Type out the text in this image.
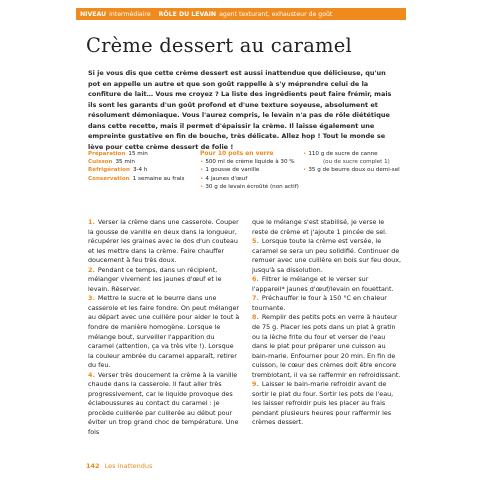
NIVEAU intermédiaire RÔLE DU LEVAIN agent texturant, exhausteur de goût
Crème dessert au caramel

Si je vous dis que cette crème dessert est aussi inattendue que délicieuse, qu'un pot en appelle un autre et que son goût rappelle à s'y méprendre celui de la confiture de lait… Vous me croyez ? La liste des ingrédients peut faire frémir, mais ils sont les garants d'un goût profond et d'une texture soyeuse, absolument et résolument démoniaque. Vous l'aurez compris, le levain n'a pas de rôle diététique dans cette recette, mais il permet d'épaissir la crème. Il laisse également une empreinte gustative en fin de bouche, très délicate. Allez hop ! Tout le monde se lève pour cette crème dessert de folie !

Préparation 15 min
Cuisson 35 min
Réfrigération 3-4 h
Conservation 1 semaine au frais
Pour 10 pots en verre
• 500 ml de crème liquide à 30 %
• 1 gousse de vanille
• 4 jaunes d'œuf
• 30 g de levain écroûté (non actif)
• 110 g de sucre de canne
(ou de sucre complet 1)
• 35 g de beurre doux ou demi-sel

1. Verser la crème dans une casserole. Couper la gousse de vanille en deux dans la longueur, récupérer les graines avec le dos d'un couteau et les mettre dans la crème. Faire chauffer doucement à feu très doux.

2. Pendant ce temps, dans un récipient, mélanger vivement les jaunes d'œuf et le levain. Réserver.

3. Mettre le sucre et le beurre dans une casserole et les faire fondre. On peut mélanger au départ avec une cuillère pour aider le tout à fondre de manière homogène. Lorsque le mélange bout, surveiller l'apparition du caramel (attention, ça va très vite !). Lorsque la couleur ambrée du caramel apparaît, retirer du feu.

4. Verser très doucement la crème à la vanille chaude dans la casserole. Il faut aller très progressivement, car le liquide provoque des éclaboussures au contact du caramel : je procède cuillerée par cuillerée au début pour éviter un trop grand choc de température. Une fois

que le mélange s'est stabilisé, je verse le reste de crème et j'ajoute 1 pincée de sel.

5. Lorsque toute la crème est versée, le caramel se sera un peu solidifié. Continuer de remuer avec une cuillère en bois sur feu doux, jusqu'à sa dissolution.

6. Filtrer le mélange et le verser sur l'appareil* jaunes d'œuf/levain en fouettant.

7. Préchauffer le four à 150 °C en chaleur tournante.

8. Remplir des petits pots en verre à hauteur de 75 g. Placer les pots dans un plat à gratin ou la lèche frite du four et verser de l'eau dans le plat pour préparer une cuisson au bain-marie. Enfourner pour 20 min. En fin de cuisson, le cœur des crèmes doit être encore tremblotant, il va se raffermir en refroidissant.

9. Laisser le bain-marie refroidir avant de sortir le plat du four. Sortir les pots de l'eau, les laisser refroidir puis les placer au frais pendant plusieurs heures pour raffermir les crèmes dessert.

142 Les inattendus
